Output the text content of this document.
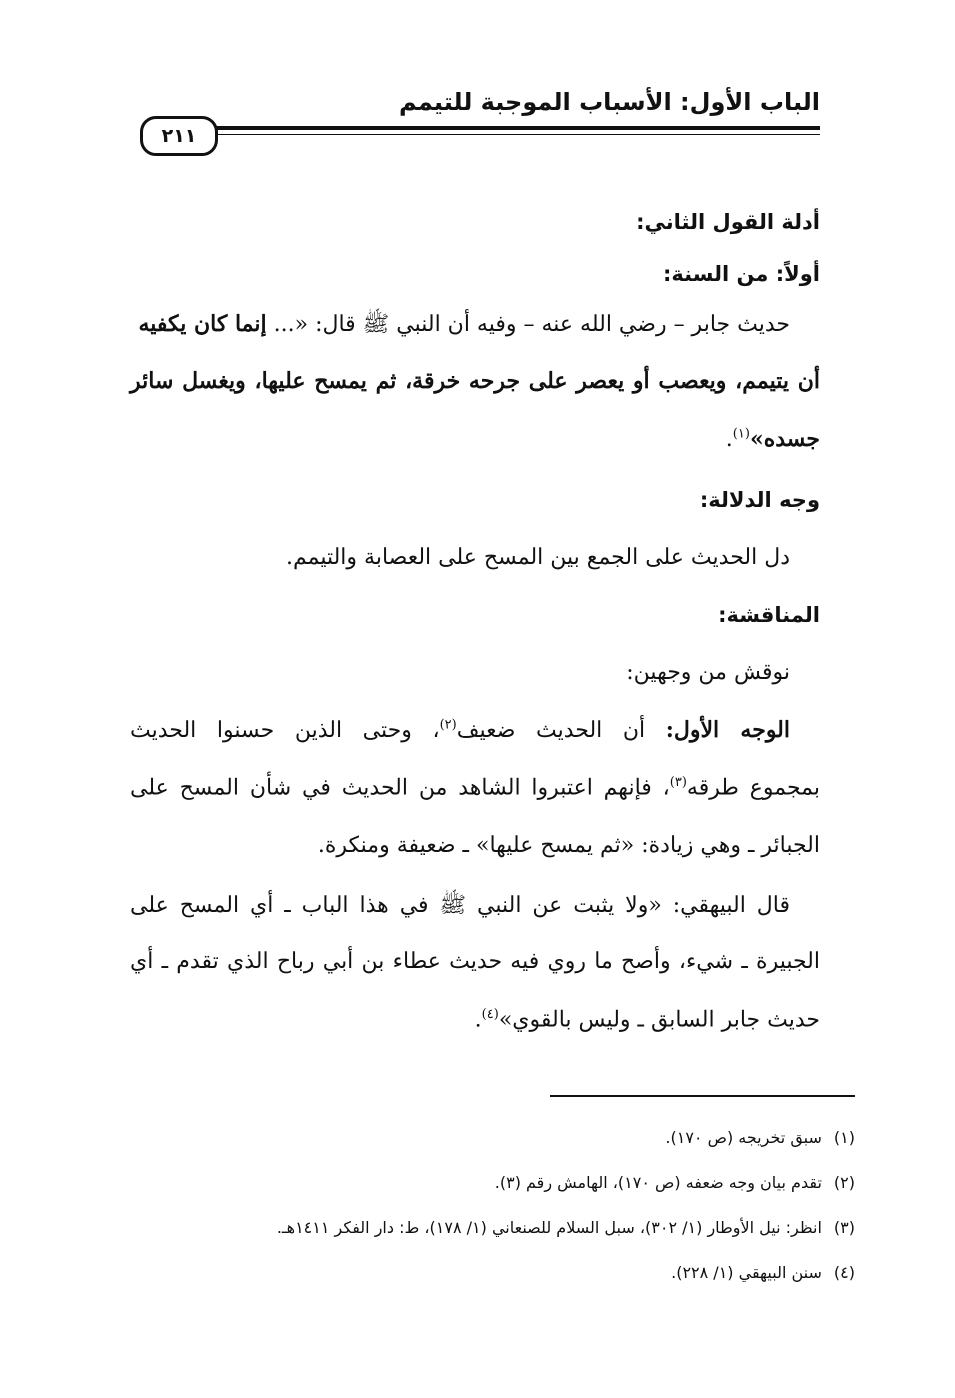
الباب الأول: الأسباب الموجبة للتيمم
٢١١
أدلة القول الثاني:
أولاً: من السنة:
حديث جابر – رضي الله عنه – وفيه أن النبي ﷺ قال: «... إنما كان يكفيه
أن يتيمم، ويعصب أو يعصر على جرحه خرقة، ثم يمسح عليها، ويغسل سائر
جسده»$^{(١)}$.
وجه الدلالة:
دل الحديث على الجمع بين المسح على العصابة والتيمم.
المناقشة:
نوقش من وجهين:
الوجه الأول: أن الحديث ضعيف$^{(٢)}$، وحتى الذين حسنوا الحديث
بمجموع طرقه$^{(٣)}$، فإنهم اعتبروا الشاهد من الحديث في شأن المسح على
الجبائر ـ وهي زيادة: «ثم يمسح عليها» ـ ضعيفة ومنكرة.
قال البيهقي: «ولا يثبت عن النبي ﷺ في هذا الباب ـ أي المسح على
الجبيرة ـ شيء، وأصح ما روي فيه حديث عطاء بن أبي رباح الذي تقدم ـ أي
حديث جابر السابق ـ وليس بالقوي»$^{(٤)}$.
(١)سبق تخريجه (ص ١٧٠).
(٢)تقدم بيان وجه ضعفه (ص ١٧٠)، الهامش رقم (٣).
(٣)انظر: نيل الأوطار (١/ ٣٠٢)، سبل السلام للصنعاني (١/ ١٧٨)، ط: دار الفكر ١٤١١هـ.
(٤)سنن البيهقي (١/ ٢٢٨).
